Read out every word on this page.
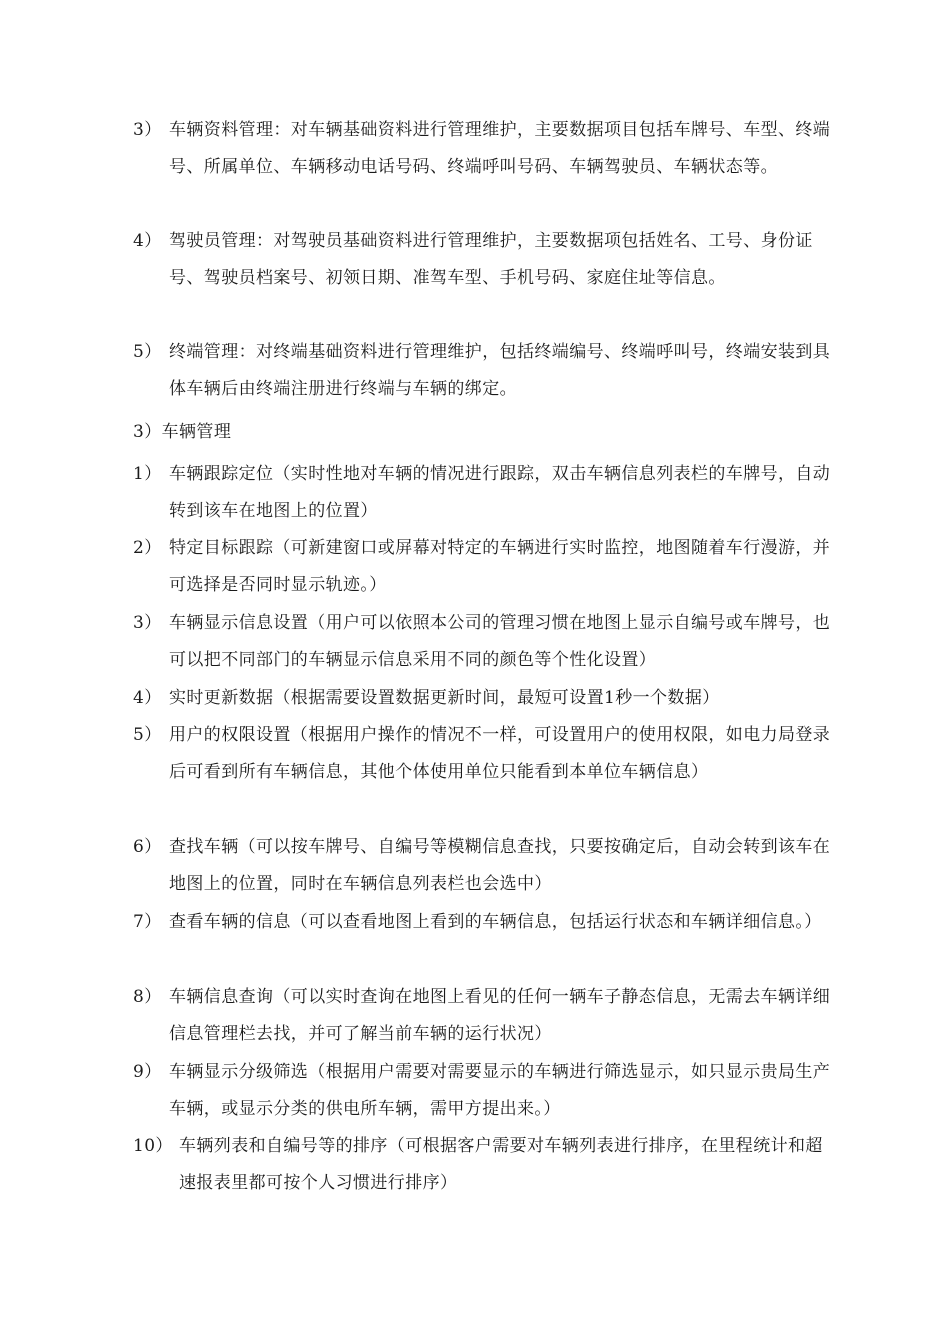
3） 车辆资料管理：对车辆基础资料进行管理维护，主要数据项目包括车牌号、车型、终端号、所属单位、车辆移动电话号码、终端呼叫号码、车辆驾驶员、车辆状态等。
4） 驾驶员管理：对驾驶员基础资料进行管理维护，主要数据项包括姓名、工号、身份证号、驾驶员档案号、初领日期、准驾车型、手机号码、家庭住址等信息。
5） 终端管理：对终端基础资料进行管理维护，包括终端编号、终端呼叫号，终端安装到具体车辆后由终端注册进行终端与车辆的绑定。
3）车辆管理
1） 车辆跟踪定位（实时性地对车辆的情况进行跟踪，双击车辆信息列表栏的车牌号，自动转到该车在地图上的位置）
2） 特定目标跟踪（可新建窗口或屏幕对特定的车辆进行实时监控，地图随着车行漫游，并可选择是否同时显示轨迹。）
3） 车辆显示信息设置（用户可以依照本公司的管理习惯在地图上显示自编号或车牌号，也可以把不同部门的车辆显示信息采用不同的颜色等个性化设置）
4） 实时更新数据（根据需要设置数据更新时间，最短可设置1秒一个数据）
5） 用户的权限设置（根据用户操作的情况不一样，可设置用户的使用权限，如电力局登录后可看到所有车辆信息，其他个体使用单位只能看到本单位车辆信息）
6） 查找车辆（可以按车牌号、自编号等模糊信息查找，只要按确定后，自动会转到该车在地图上的位置，同时在车辆信息列表栏也会选中）
7） 查看车辆的信息（可以查看地图上看到的车辆信息，包括运行状态和车辆详细信息。）
8） 车辆信息查询（可以实时查询在地图上看见的任何一辆车子静态信息，无需去车辆详细信息管理栏去找，并可了解当前车辆的运行状况）
9） 车辆显示分级筛选（根据用户需要对需要显示的车辆进行筛选显示，如只显示贵局生产车辆，或显示分类的供电所车辆，需甲方提出来。）
10） 车辆列表和自编号等的排序（可根据客户需要对车辆列表进行排序，在里程统计和超速报表里都可按个人习惯进行排序）
